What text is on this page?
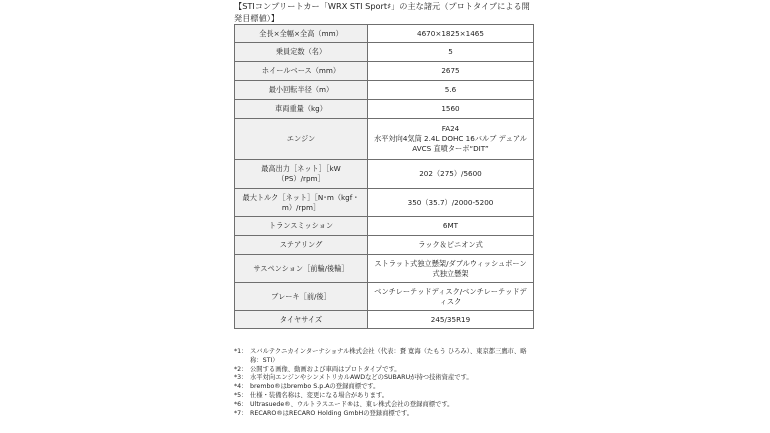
【STIコンプリートカー「WRX STI Sport♯」の主な諸元（プロトタイプによる開発目標値）】
全長×全幅×全高（mm）	4670×1825×1465
乗員定数（名）	5
ホイールベース（mm）	2675
最小回転半径（m）	5.6
車両重量（kg）	1560
エンジン	FA24
水平対向4気筒 2.4L DOHC 16バルブ デュアルAVCS 直噴ターボ“DIT”
最高出力［ネット］［kW（PS）/rpm］	202（275）/5600
最大トルク［ネット］［N･m（kgf・m）/rpm］	350（35.7）/2000-5200
トランスミッション	6MT
ステアリング	ラック＆ピニオン式
サスペンション［前輪/後輪］	ストラット式独立懸架/ダブルウィッシュボーン式独立懸架
ブレーキ［前/後］	ベンチレーテッドディスク/ベンチレーテッドディスク
タイヤサイズ	245/35R19
*1： スバルテクニカインターナショナル株式会社（代表：賚 寛海（たもう ひろみ）、東京都三鷹市、略称：STI）
*2： 公開する画像、動画および車両はプロトタイプです。
*3： 水平対向エンジンやシンメトリカルAWDなどのSUBARUが持つ技術資産です。
*4： brembo®はbrembo S.p.Aの登録商標です。
*5： 仕様・装備名称は、変更になる場合があります。
*6： Ultrasuede®、ウルトラスエード®は、東レ株式会社の登録商標です。
*7： RECARO®はRECARO Holding GmbHの登録商標です。
